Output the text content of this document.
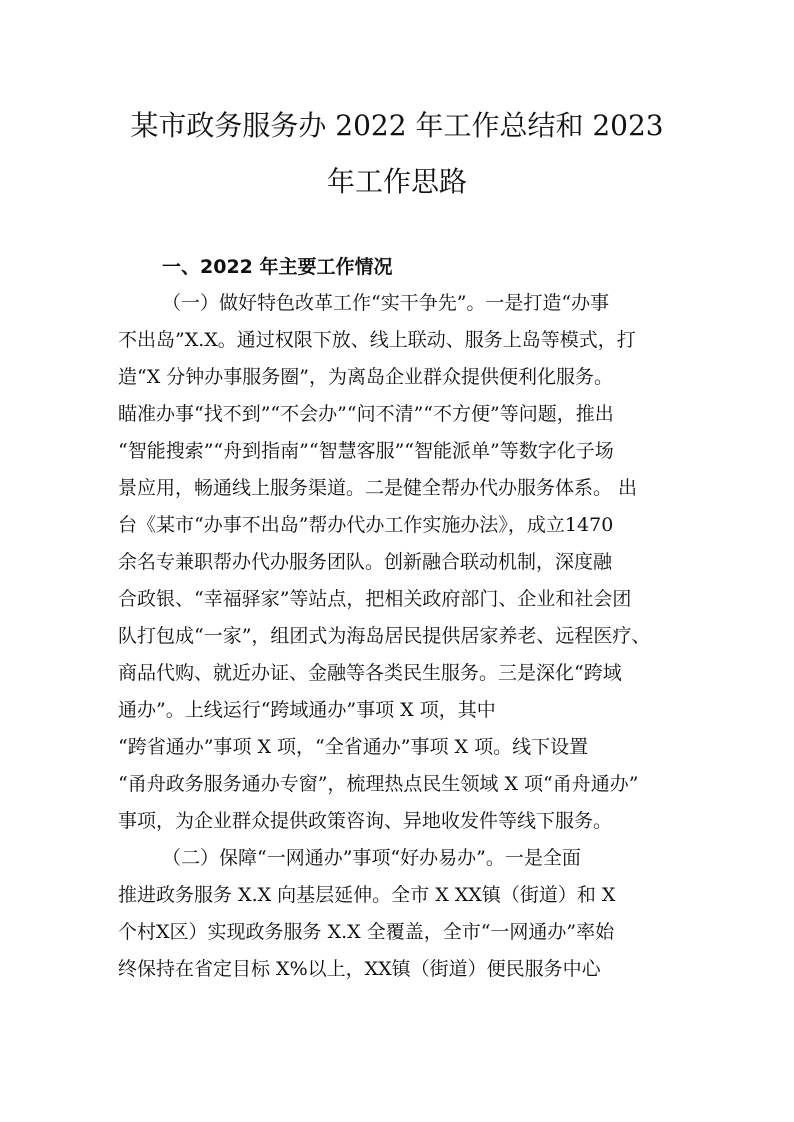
某市政务服务办 2022 年工作总结和 2023
年工作思路
一、2022 年主要工作情况
（一）做好特色改革工作“实干争先”。一是打造“办事
不出岛”X.X。通过权限下放、线上联动、服务上岛等模式，打
造“X 分钟办事服务圈”，为离岛企业群众提供便利化服务。
瞄准办事“找不到”“不会办”“问不清”“不方便”等问题，推出
“智能搜索”“舟到指南”“智慧客服”“智能派单”等数字化子场
景应用，畅通线上服务渠道。二是健全帮办代办服务体系。 出
台《某市“办事不出岛”帮办代办工作实施办法》，成立1470
余名专兼职帮办代办服务团队。创新融合联动机制，深度融
合政银、“幸福驿家”等站点，把相关政府部门、企业和社会团
队打包成“一家”，组团式为海岛居民提供居家养老、远程医疗、
商品代购、就近办证、金融等各类民生服务。三是深化“跨域
通办”。上线运行“跨域通办”事项 X 项，其中
“跨省通办”事项 X 项，“全省通办”事项 X 项。线下设置
“甬舟政务服务通办专窗”，梳理热点民生领域 X 项“甬舟通办”
事项，为企业群众提供政策咨询、异地收发件等线下服务。
（二）保障“一网通办”事项“好办易办”。一是全面
推进政务服务 X.X 向基层延伸。全市 X XX镇（街道）和 X
个村X区）实现政务服务 X.X 全覆盖，全市“一网通办”率始
终保持在省定目标 X%以上，XX镇（街道）便民服务中心
